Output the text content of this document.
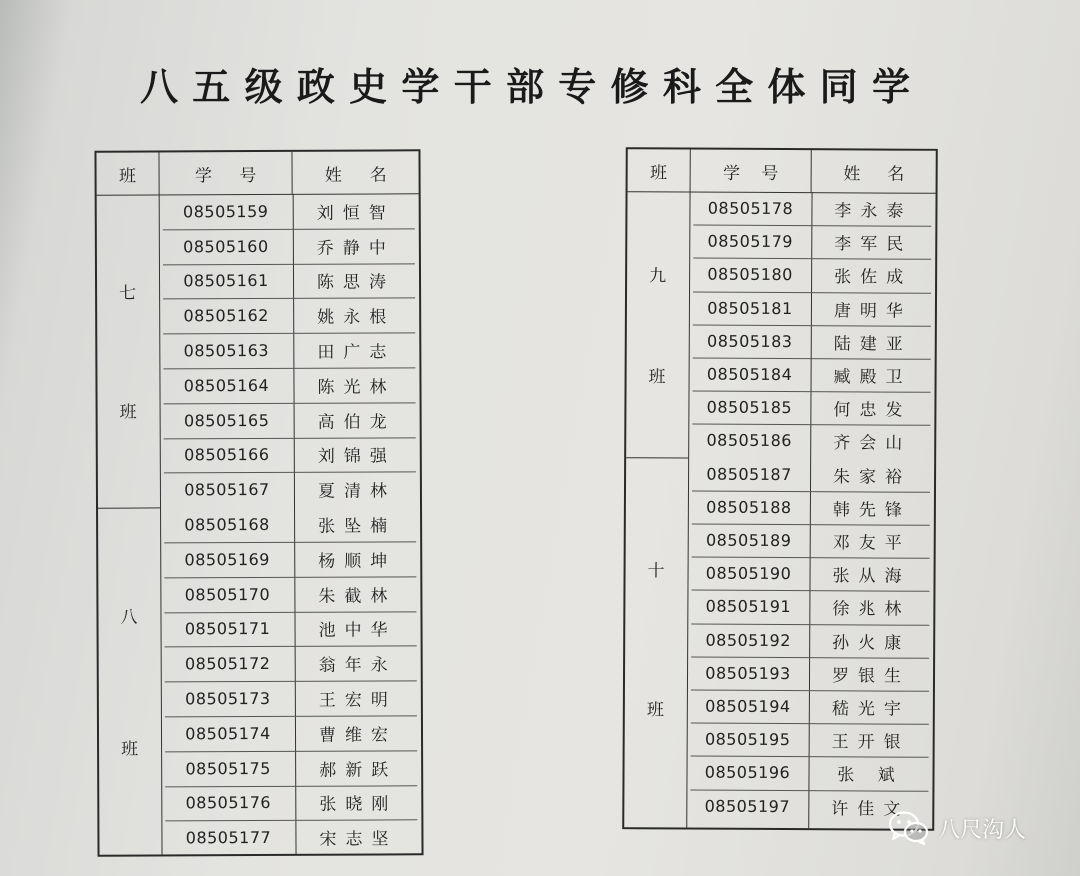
八 五 级 政 史 学 干 部 专 修 科 全 体 同 学
班	学 号	姓 名
七
班
08505159	刘恒智
08505160	乔静中
08505161	陈思涛
08505162	姚永根
08505163	田广志
08505164	陈光林
08505165	高伯龙
08505166	刘锦强
08505167	夏清林
八
班
08505168	张坠楠
08505169	杨顺坤
08505170	朱截林
08505171	池中华
08505172	翁年永
08505173	王宏明
08505174	曹维宏
08505175	郝新跃
08505176	张晓刚
08505177	宋志坚
班	学 号	姓 名
九
班
08505178 李永泰
08505179 李军民
08505180 张佐成
08505181 唐明华
08505183 陆建亚
08505184 臧殿卫
08505185 何忠发
08505186 齐会山
十
班
08505187 朱家裕
08505188 韩先锋
08505189 邓友平
08505190 张从海
08505191 徐兆林
08505192 孙火康
08505193 罗银生
08505194 嵇光宇
08505195 王开银
08505196	张 斌
08505197 许佳文
八尺沟人
